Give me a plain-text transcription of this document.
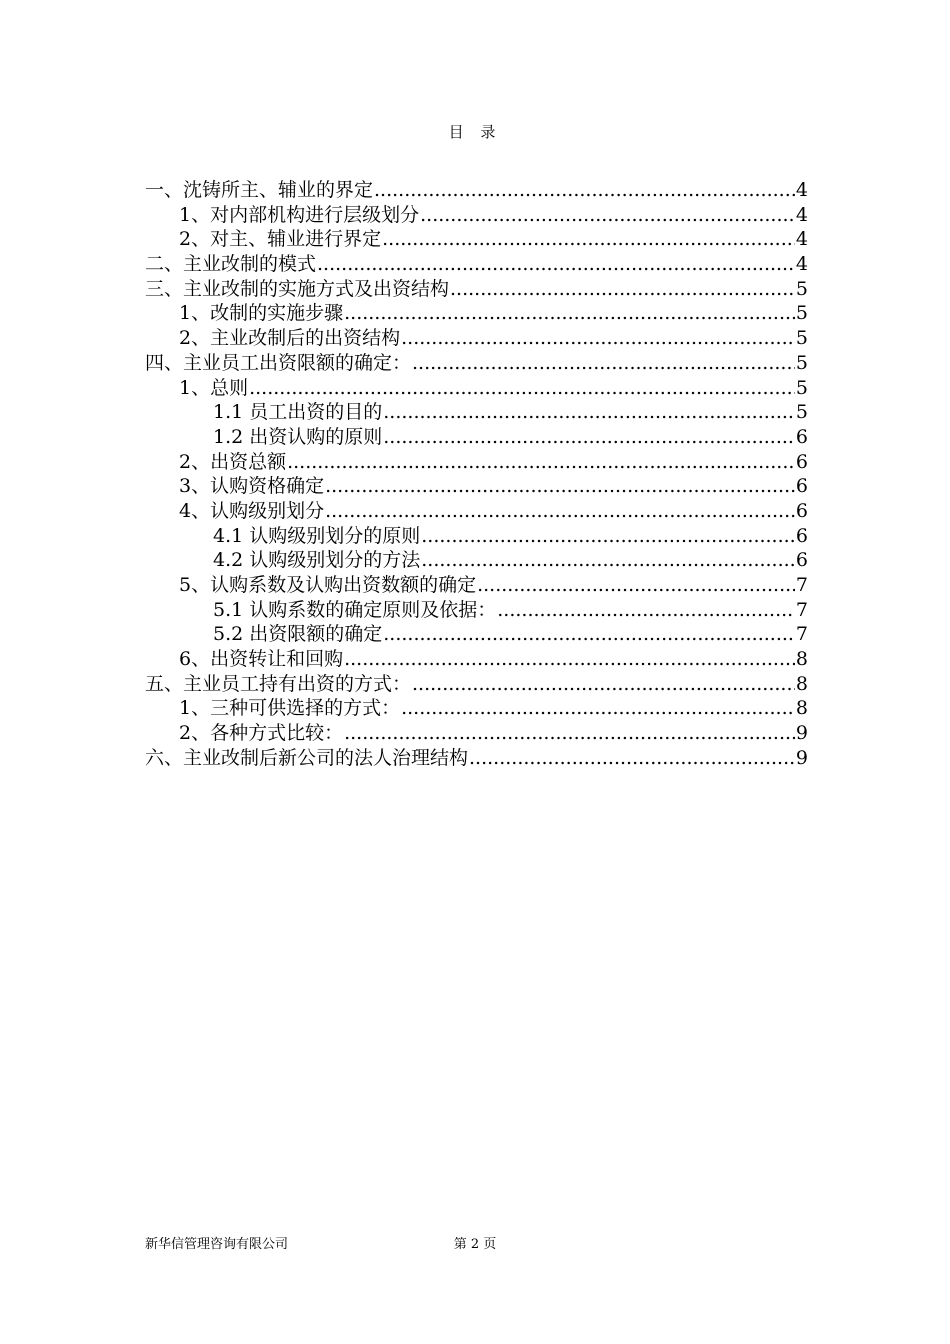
目 录
一、沈铸所主、辅业的界定 .....	4
1、 对内部机构进行层级划分 .....	4
2、 对主、辅业进行界定 .....	4
二、主业改制的模式 .....	4
三、主业改制的实施方式及出资结构 .....	5
1、 改制的实施步骤 .....	5
2、 主业改制后的出资结构 .....	5
四、主业员工出资限额的确定： .....	5
1、总则 .....	5
1.1 员工出资的目的 .....	5
1.2 出资认购的原则 .....	6
2、出资总额 .....	6
3、认购资格确定 .....	6
4、认购级别划分 .....	6
4.1 认购级别划分的原则 .....	6
4.2 认购级别划分的方法 .....	6
5、认购系数及认购出资数额的确定 .....	7
5.1 认购系数的确定原则及依据： .....	7
5.2 出资限额的确定 .....	7
6、出资转让和回购 .....	8
五、主业员工持有出资的方式： .....	8
1、三种可供选择的方式： .....	8
2、各种方式比较： .....	9
六、主业改制后新公司的法人治理结构 .....	9
新华信管理咨询有限公司	第 2 页
